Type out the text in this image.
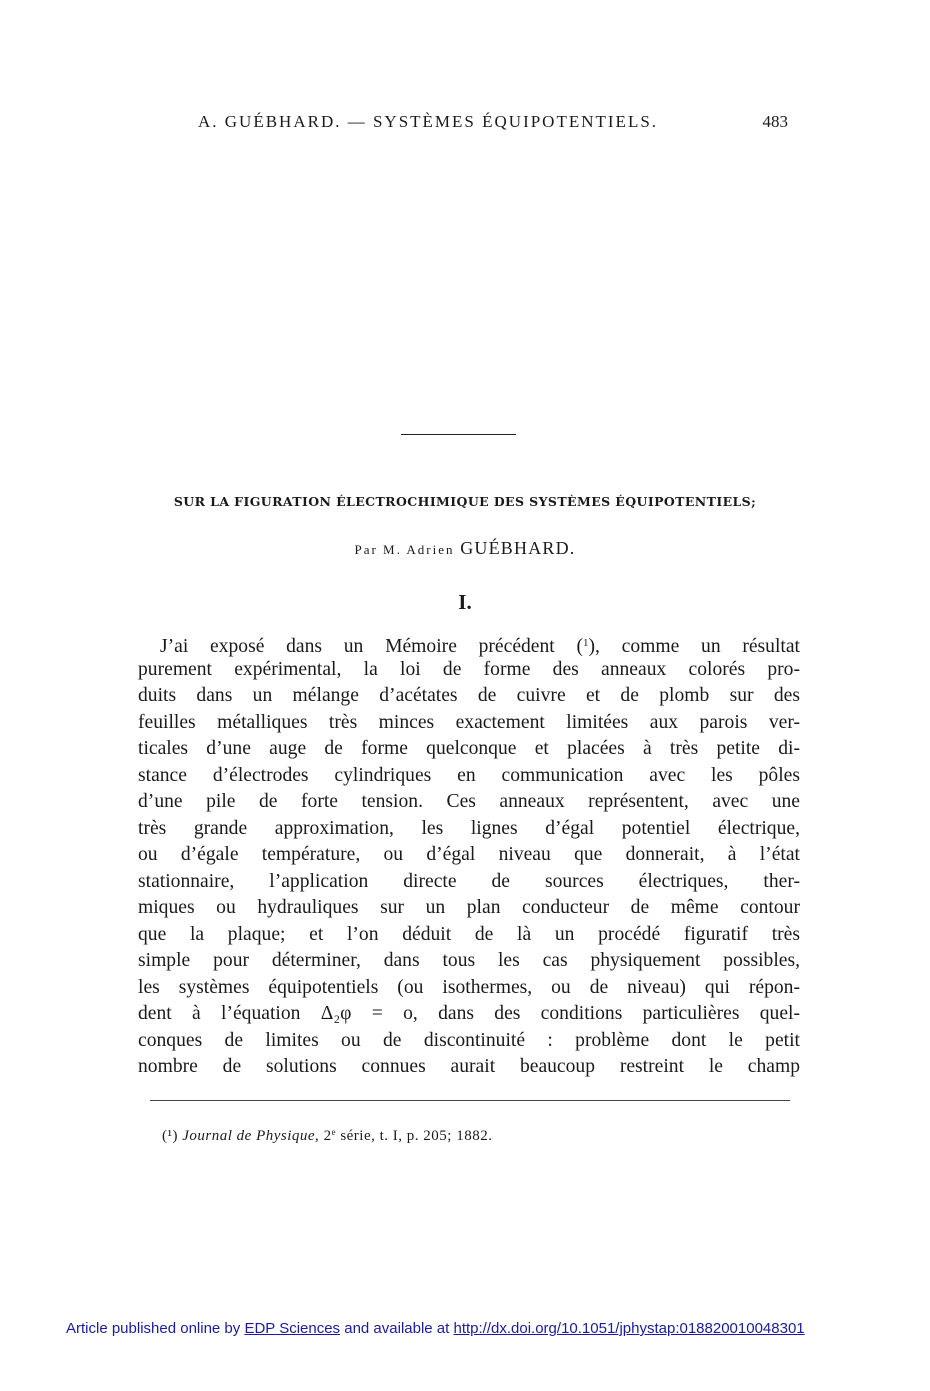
A. GUÉBHARD. — SYSTÈMES ÉQUIPOTENTIELS.	483
SUR LA FIGURATION ÉLECTROCHIMIQUE DES SYSTÈMES ÉQUIPOTENTIELS;
Par M. Adrien GUÉBHARD.
I.
J’ai exposé dans un Mémoire précédent ($^1$), comme un résultat
purement expérimental, la loi de forme des anneaux colorés pro-
duits dans un mélange d’acétates de cuivre et de plomb sur des
feuilles métalliques très minces exactement limitées aux parois ver-
ticales d’une auge de forme quelconque et placées à très petite di-
stance d’électrodes cylindriques en communication avec les pôles
d’une pile de forte tension. Ces anneaux représentent, avec une
très grande approximation, les lignes d’égal potentiel électrique,
ou d’égale température, ou d’égal niveau que donnerait, à l’état
stationnaire, l’application directe de sources électriques, ther-
miques ou hydrauliques sur un plan conducteur de même contour
que la plaque; et l’on déduit de là un procédé figuratif très
simple pour déterminer, dans tous les cas physiquement possibles,
les systèmes équipotentiels (ou isothermes, ou de niveau) qui répon-
dent à l’équation Δ₂φ = o, dans des conditions particulières quel-
conques de limites ou de discontinuité : problème dont le petit
nombre de solutions connues aurait beaucoup restreint le champ
(¹) Journal de Physique, 2e série, t. I, p. 205; 1882.
Article published online by EDP Sciences and available at http://dx.doi.org/10.1051/jphystap:018820010048301
